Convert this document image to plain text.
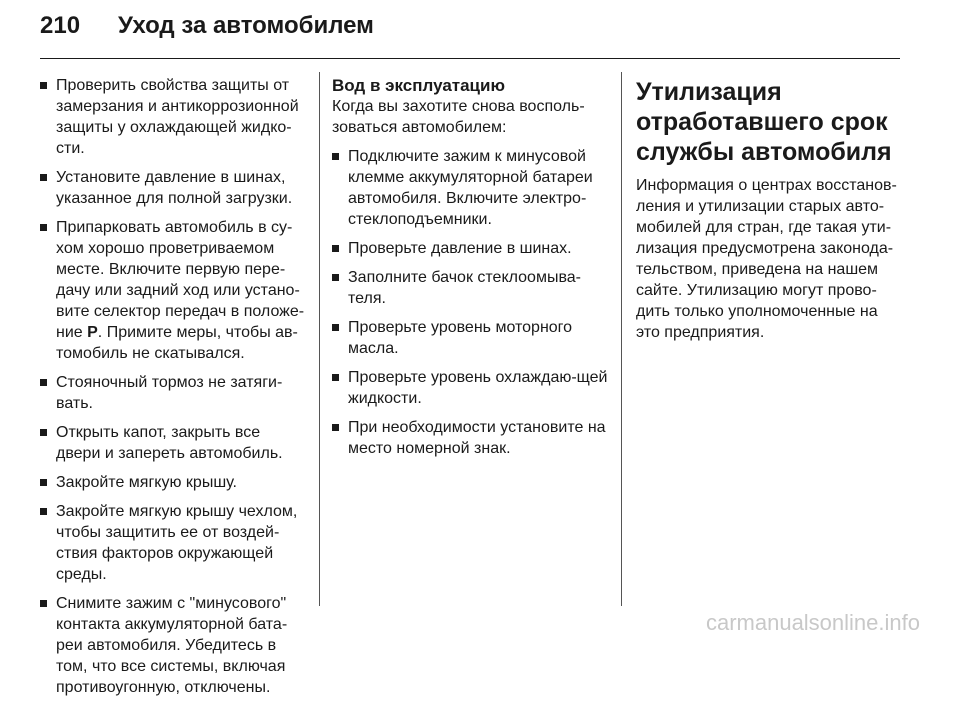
210	Уход за автомобилем
Проверить свойства защиты от замерзания и антикоррозионной защиты у охлаждающей жидко-сти.
Установите давление в шинах, указанное для полной загрузки.
Припарковать автомобиль в су-хом хорошо проветриваемом месте. Включите первую пере-дачу или задний ход или устано-вите селектор передач в положе-ние P. Примите меры, чтобы ав-томобиль не скатывался.
Стояночный тормоз не затяги-вать.
Открыть капот, закрыть все двери и запереть автомобиль.
Закройте мягкую крышу.
Закройте мягкую крышу чехлом, чтобы защитить ее от воздей-ствия факторов окружающей среды.
Снимите зажим с "минусового" контакта аккумуляторной бата-реи автомобиля. Убедитесь в том, что все системы, включая противоугонную, отключены.
Вод в эксплуатацию
Когда вы захотите снова восполь-зоваться автомобилем:
Подключите зажим к минусовой клемме аккумуляторной батареи автомобиля. Включите электро-стеклоподъемники.
Проверьте давление в шинах.
Заполните бачок стеклоомыва-теля.
Проверьте уровень моторного масла.
Проверьте уровень охлаждаю-щей жидкости.
При необходимости установите на место номерной знак.
Утилизация отработавшего срок службы автомобиля
Информация о центрах восстанов-ления и утилизации старых авто-мобилей для стран, где такая ути-лизация предусмотрена законода-тельством, приведена на нашем сайте. Утилизацию могут прово-дить только уполномоченные на это предприятия.
carmanualsonline.info
